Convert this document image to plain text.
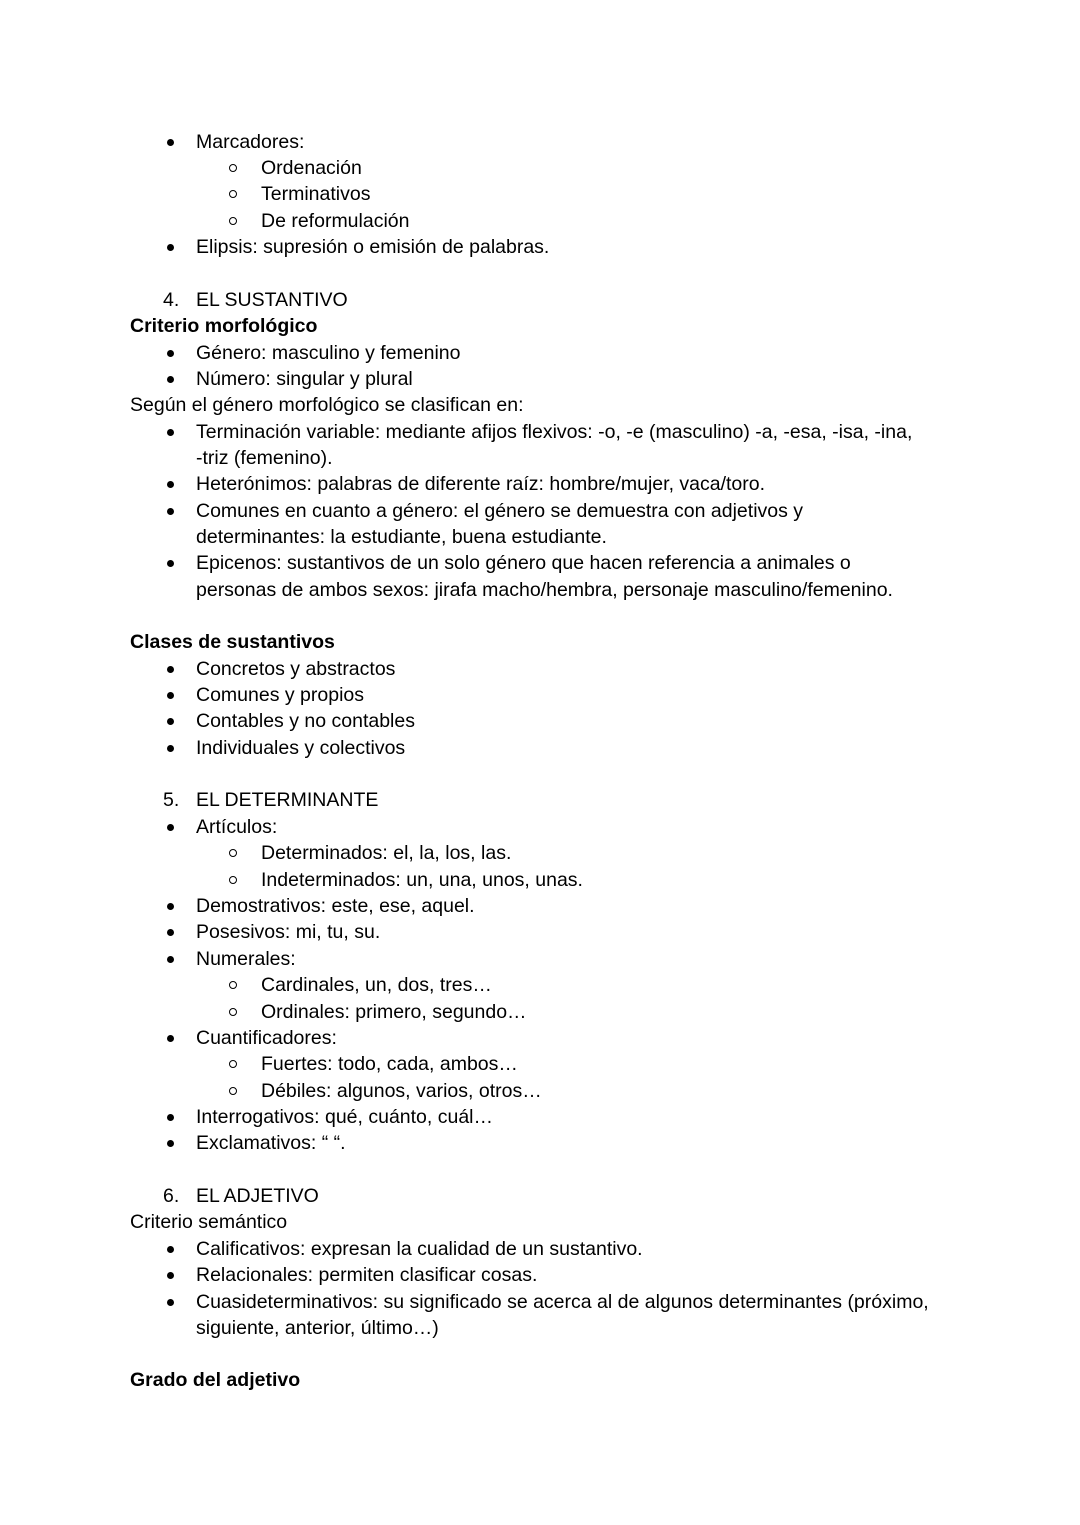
Marcadores:
Ordenación
Terminativos
De reformulación
Elipsis: supresión o emisión de palabras.
4. EL SUSTANTIVO
Criterio morfológico
Género: masculino y femenino
Número: singular y plural
Según el género morfológico se clasifican en:
Terminación variable: mediante afijos flexivos: -o, -e (masculino) -a, -esa, -isa, -ina,
-triz (femenino).
Heterónimos: palabras de diferente raíz: hombre/mujer, vaca/toro.
Comunes en cuanto a género: el género se demuestra con adjetivos y
determinantes: la estudiante, buena estudiante.
Epicenos: sustantivos de un solo género que hacen referencia a animales o
personas de ambos sexos: jirafa macho/hembra, personaje masculino/femenino.
Clases de sustantivos
Concretos y abstractos
Comunes y propios
Contables y no contables
Individuales y colectivos
5. EL DETERMINANTE
Artículos:
Determinados: el, la, los, las.
Indeterminados: un, una, unos, unas.
Demostrativos: este, ese, aquel.
Posesivos: mi, tu, su.
Numerales:
Cardinales, un, dos, tres…
Ordinales: primero, segundo…
Cuantificadores:
Fuertes: todo, cada, ambos…
Débiles: algunos, varios, otros…
Interrogativos: qué, cuánto, cuál…
Exclamativos: “ “.
6. EL ADJETIVO
Criterio semántico
Calificativos: expresan la cualidad de un sustantivo.
Relacionales: permiten clasificar cosas.
Cuasideterminativos: su significado se acerca al de algunos determinantes (próximo,
siguiente, anterior, último…)
Grado del adjetivo
